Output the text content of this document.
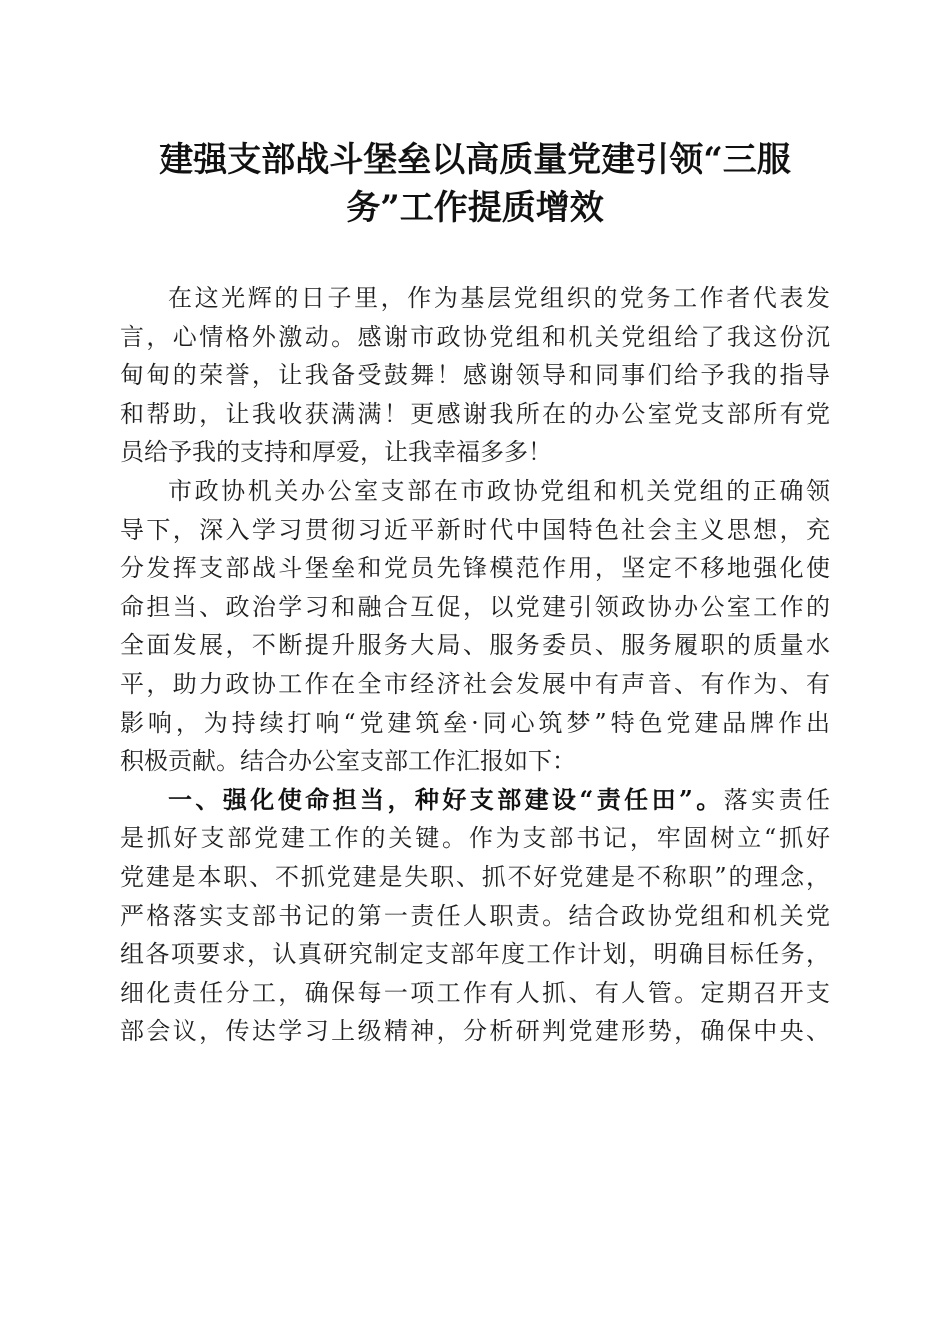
建强支部战斗堡垒以高质量党建引领“三服
务”工作提质增效
在这光辉的日子里，作为基层党组织的党务工作者代表发
言，心情格外激动。感谢市政协党组和机关党组给了我这份沉
甸甸的荣誉，让我备受鼓舞！感谢领导和同事们给予我的指导
和帮助，让我收获满满！更感谢我所在的办公室党支部所有党
员给予我的支持和厚爱，让我幸福多多！
市政协机关办公室支部在市政协党组和机关党组的正确领
导下，深入学习贯彻习近平新时代中国特色社会主义思想，充
分发挥支部战斗堡垒和党员先锋模范作用，坚定不移地强化使
命担当、政治学习和融合互促，以党建引领政协办公室工作的
全面发展，不断提升服务大局、服务委员、服务履职的质量水
平，助力政协工作在全市经济社会发展中有声音、有作为、有
影响，为持续打响“党建筑垒·同心筑梦”特色党建品牌作出
积极贡献。结合办公室支部工作汇报如下：
一、强化使命担当，种好支部建设“责任田”。落实责任
是抓好支部党建工作的关键。作为支部书记，牢固树立“抓好
党建是本职、不抓党建是失职、抓不好党建是不称职”的理念，
严格落实支部书记的第一责任人职责。结合政协党组和机关党
组各项要求，认真研究制定支部年度工作计划，明确目标任务，
细化责任分工，确保每一项工作有人抓、有人管。定期召开支
部会议，传达学习上级精神，分析研判党建形势，确保中央、
